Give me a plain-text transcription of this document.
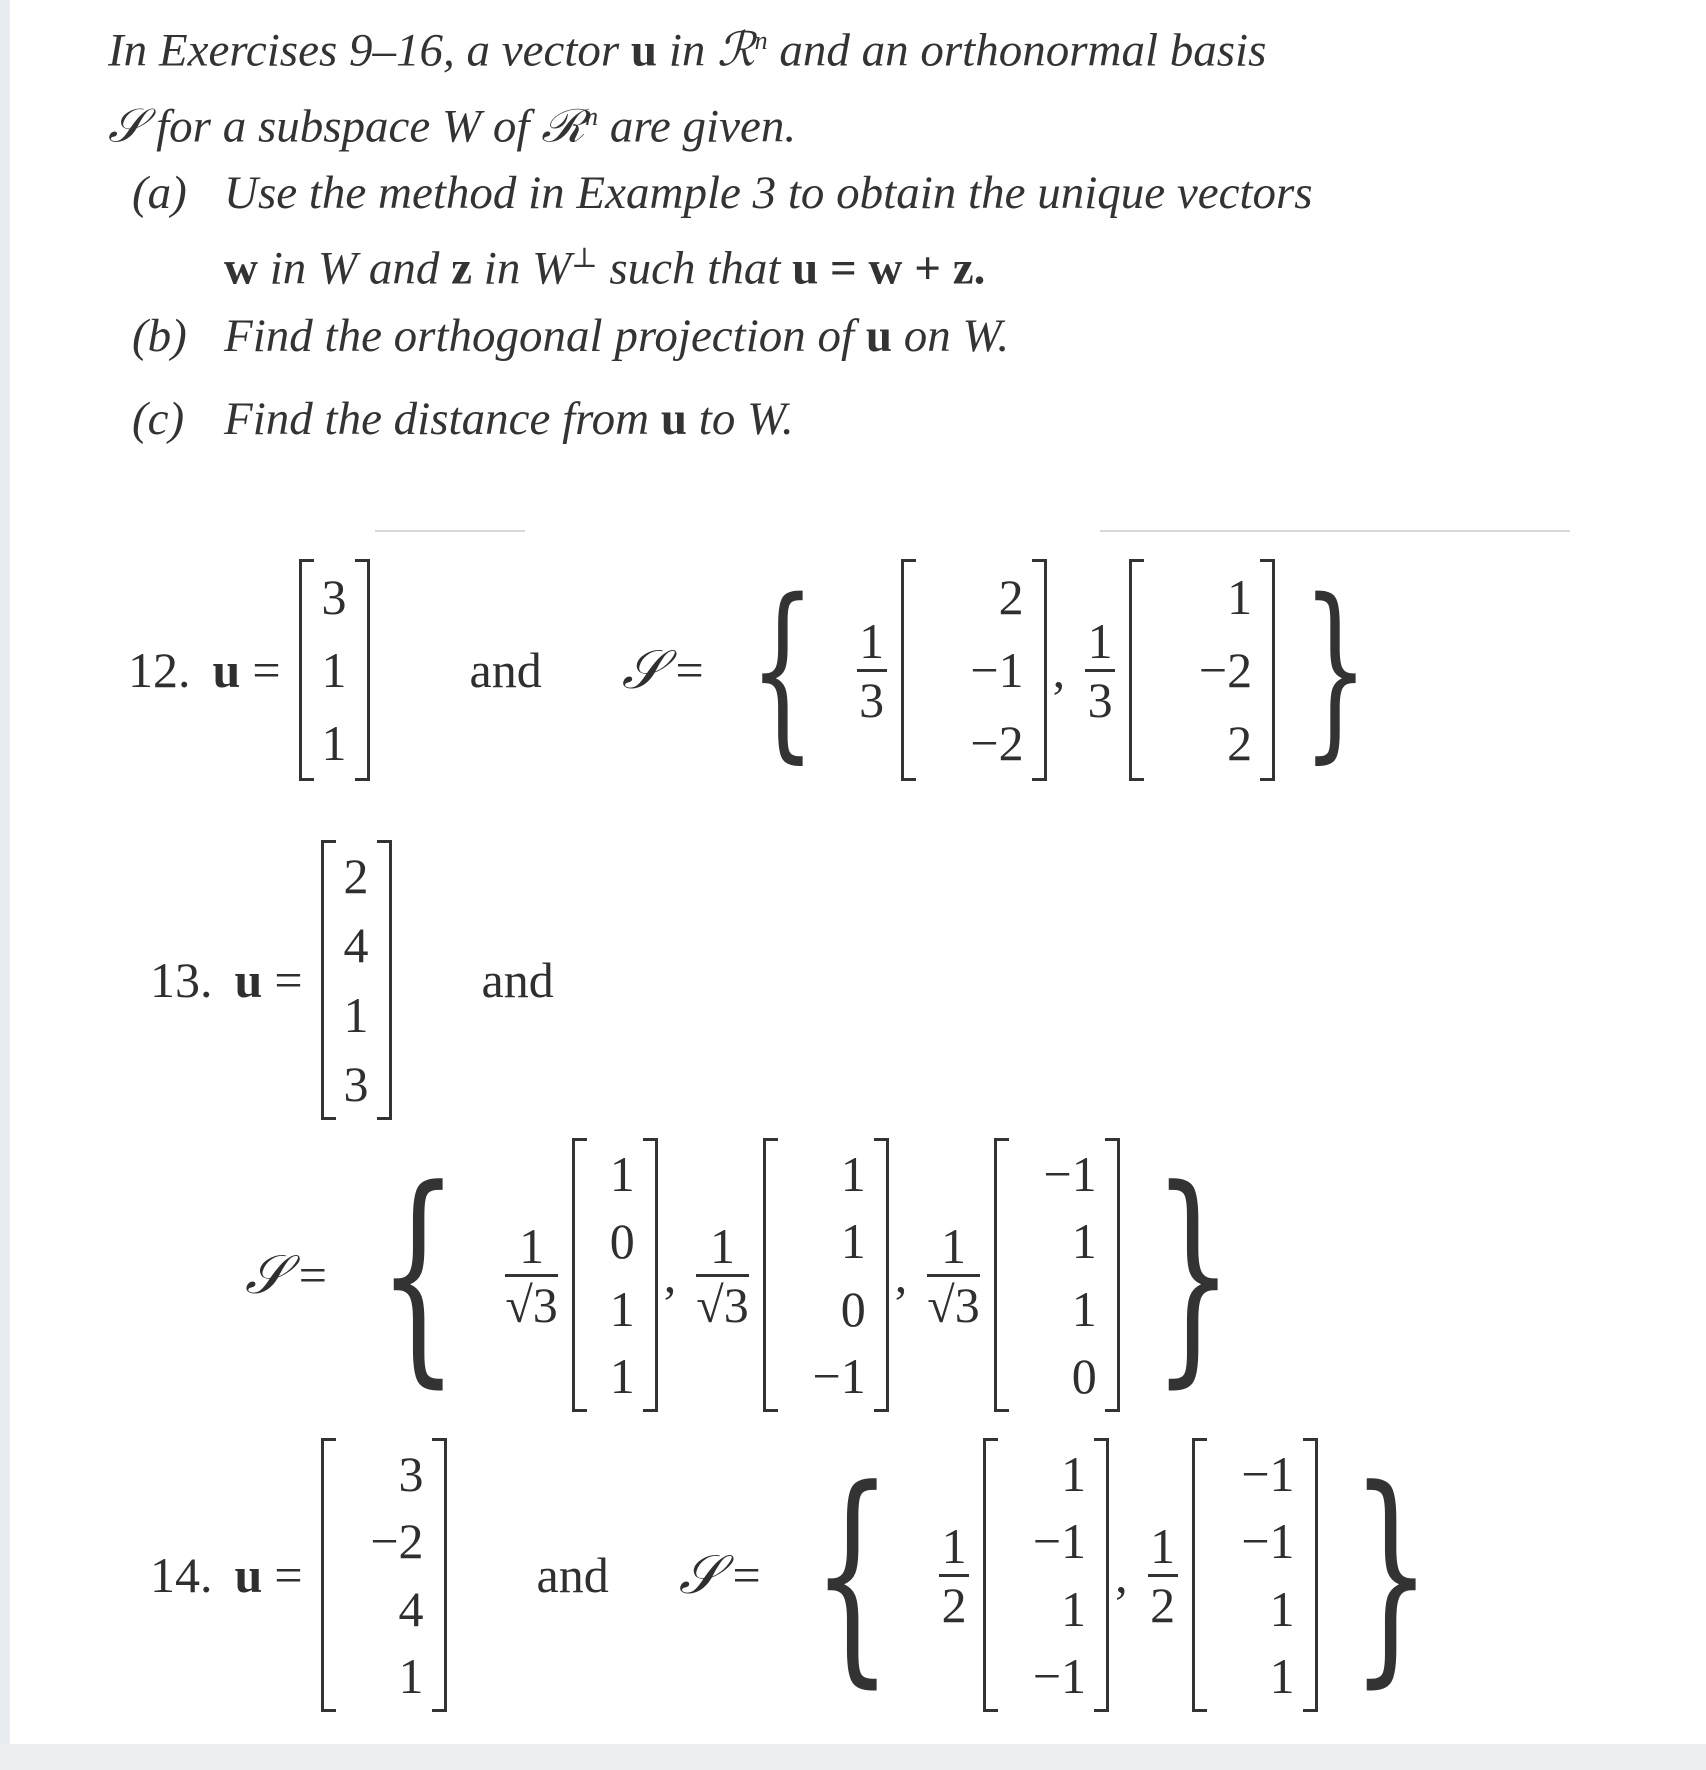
In Exercises 9–16, a vector u in ℛ$^n$ and an orthonormal basis
𝒮 for a subspace W of ℛ$^n$ are given.
(a) Use the method in Example 3 to obtain the unique vectors
w in W and z in W⊥ such that u = w + z.
(b) Find the orthogonal projection of u on W.
(c) Find the distance from u to W.
12. u =
3
1
1
and 𝒮 = { $\frac{1}{3}$
2
−1
−2
, $\frac{1}{3}$
1
−2
2 }
13. u =
2
4
1
3
and
𝒮 = { $\frac{1}{√3}$
1
0
1
1
, $\frac{1}{√3}$
1
1
0
−1
, $\frac{1}{√3}$
−1
1
1
0 }
14. u =
3
−2
4
1
and 𝒮 = { $\frac{1}{2}$
1
−1
1
−1
, $\frac{1}{2}$
−1
−1
1
1 }
